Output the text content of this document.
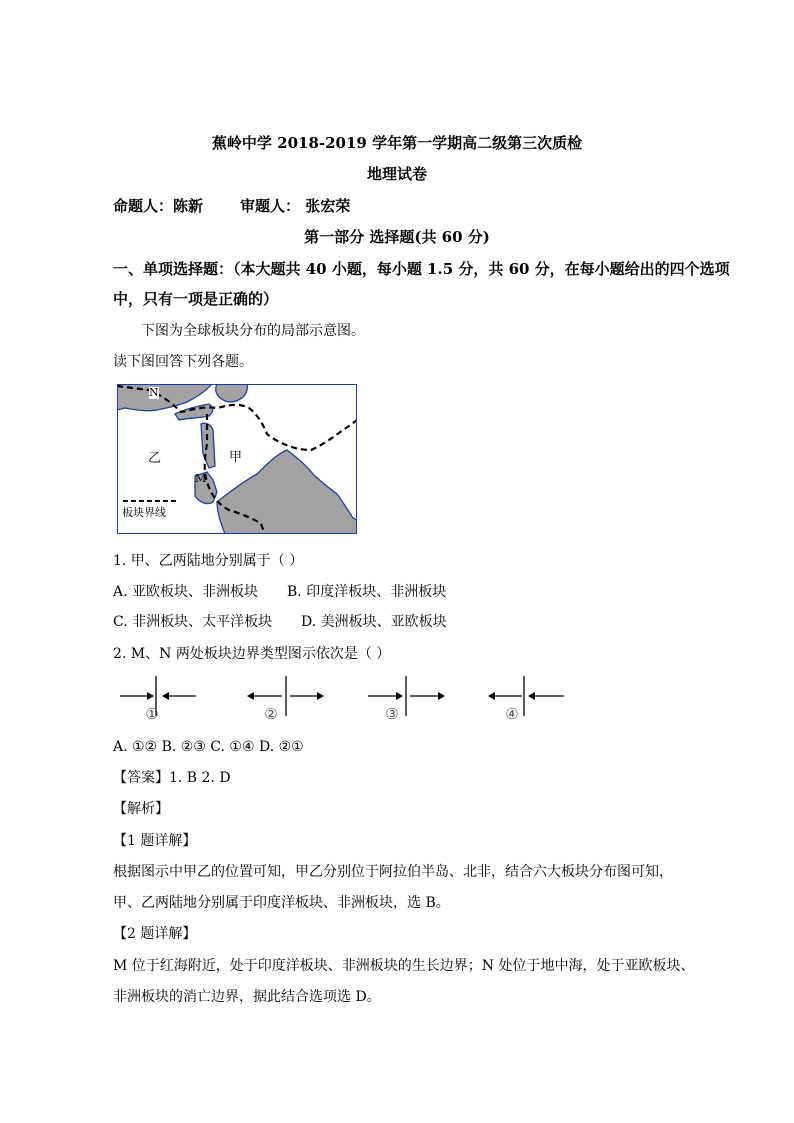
蕉岭中学 2018-2019 学年第一学期高二级第三次质检
地理试卷
命题人：陈新 审题人： 张宏荣
第一部分 选择题(共 60 分)
一、单项选择题：（本大题共 40 小题，每小题 1.5 分，共 60 分，在每小题给出的四个选项
中，只有一项是正确的）
下图为全球板块分布的局部示意图。
读下图回答下列各题。
N
乙	甲
M
板块界线
1. 甲、乙两陆地分别属于（ ）
A. 亚欧板块、非洲板块 B. 印度洋板块、非洲板块
C. 非洲板块、太平洋板块 D. 美洲板块、亚欧板块
2. M、N 两处板块边界类型图示依次是（ ）
①	②	③	④
A. ①② B. ②③ C. ①④ D. ②①
【答案】1. B 2. D
【解析】
【1 题详解】
根据图示中甲乙的位置可知，甲乙分别位于阿拉伯半岛、北非，结合六大板块分布图可知，
甲、乙两陆地分别属于印度洋板块、非洲板块，选 B。
【2 题详解】
M 位于红海附近，处于印度洋板块、非洲板块的生长边界；N 处位于地中海，处于亚欧板块、
非洲板块的消亡边界，据此结合选项选 D。
